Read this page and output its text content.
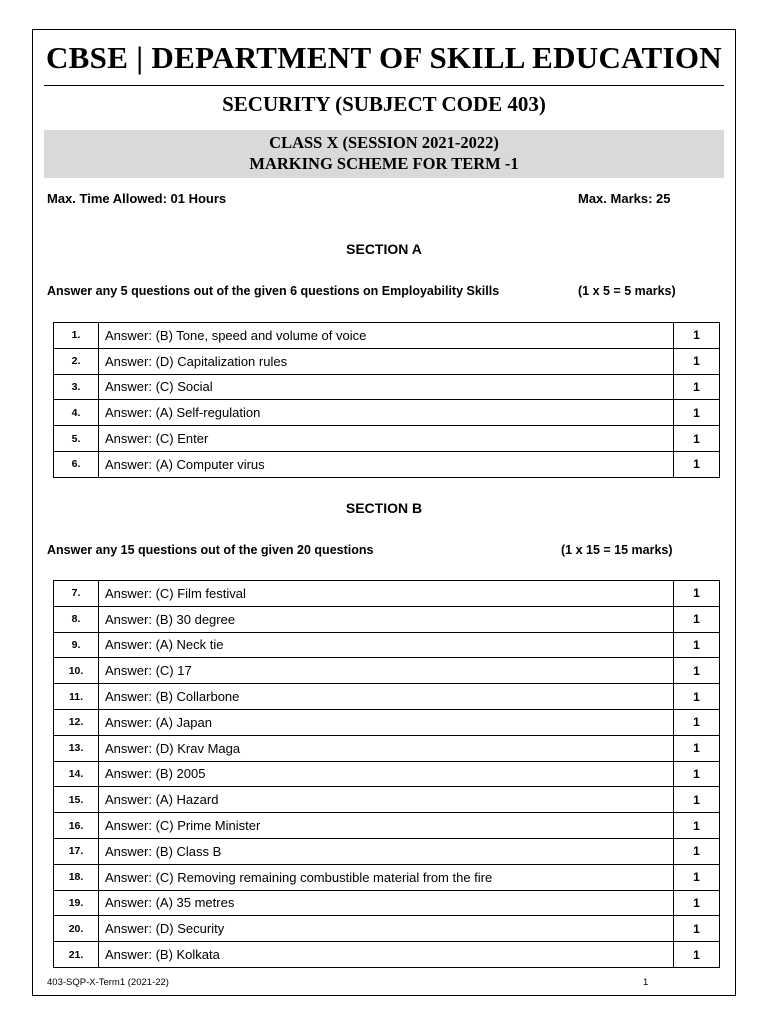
CBSE | DEPARTMENT OF SKILL EDUCATION
SECURITY (SUBJECT CODE 403)
CLASS X (SESSION 2021-2022)
MARKING SCHEME FOR TERM -1
Max. Time Allowed: 01 Hours	Max. Marks: 25
SECTION A
Answer any 5 questions out of the given 6 questions on Employability Skills	(1 x 5 = 5 marks)
1.	Answer: (B) Tone, speed and volume of voice	1
2.	Answer: (D) Capitalization rules	1
3.	Answer: (C) Social	1
4.	Answer: (A) Self-regulation	1
5.	Answer: (C) Enter	1
6.	Answer: (A) Computer virus	1
SECTION B
Answer any 15 questions out of the given 20 questions	(1 x 15 = 15 marks)
7.	Answer: (C) Film festival	1
8.	Answer: (B) 30 degree	1
9.	Answer: (A) Neck tie	1
10.	Answer: (C) 17	1
11.	Answer: (B) Collarbone	1
12.	Answer: (A) Japan	1
13.	Answer: (D) Krav Maga	1
14.	Answer: (B) 2005	1
15.	Answer: (A) Hazard	1
16.	Answer: (C) Prime Minister	1
17.	Answer: (B) Class B	1
18.	Answer: (C) Removing remaining combustible material from the fire	1
19.	Answer: (A) 35 metres	1
20.	Answer: (D) Security	1
21.	Answer: (B) Kolkata	1
403-SQP-X-Term1 (2021-22)	1
